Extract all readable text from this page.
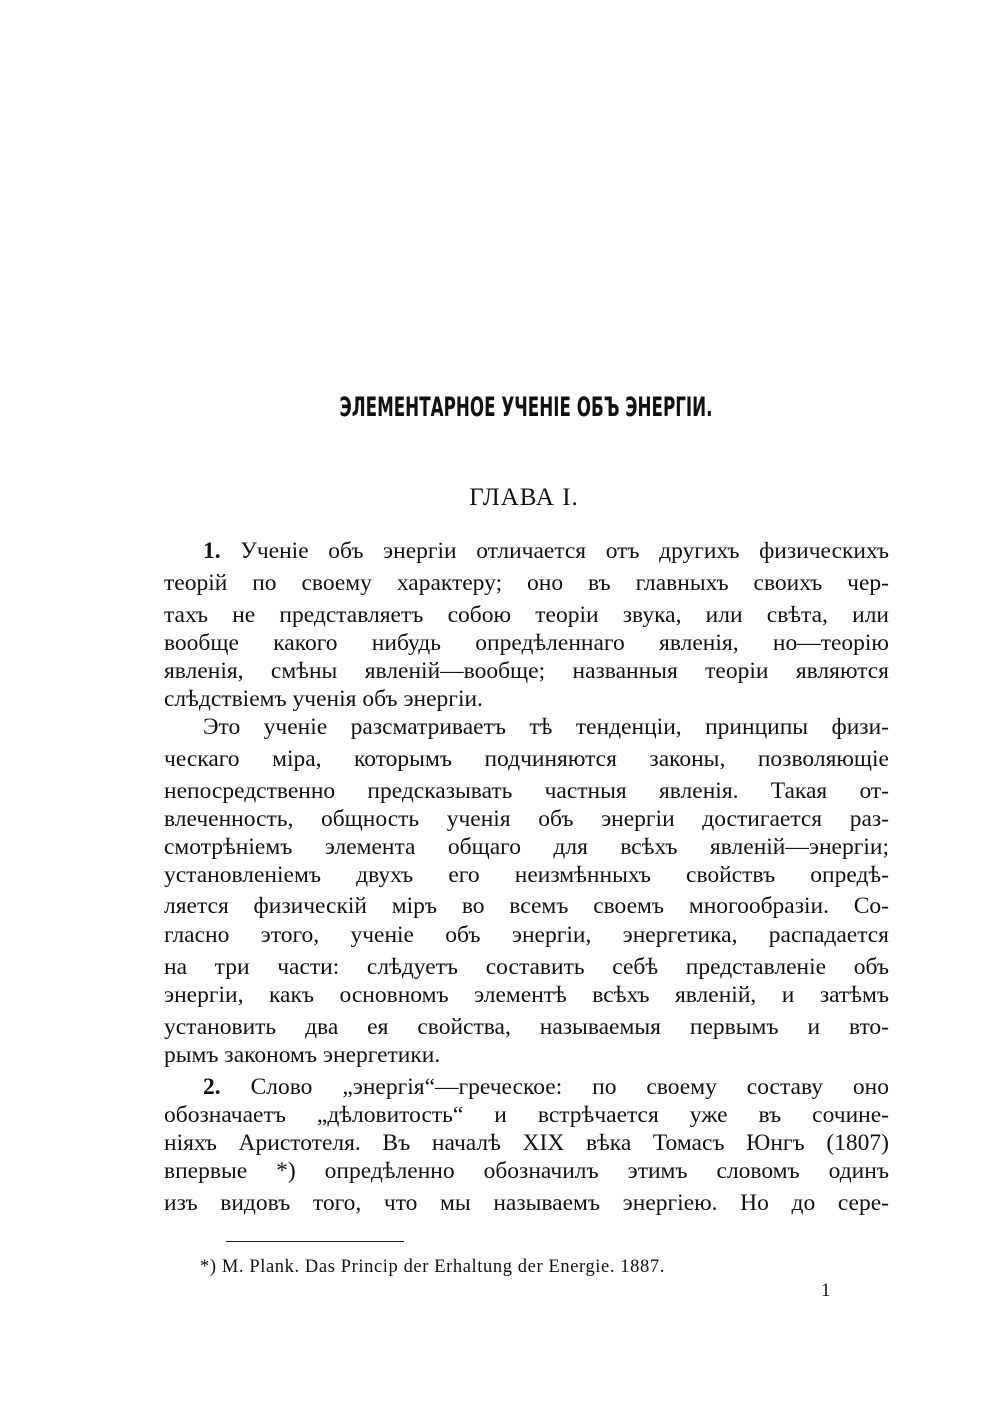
ЭЛЕМЕНТАРНОЕ УЧЕНІЕ ОБЪ ЭНЕРГІИ.
ГЛАВА I.
1. Ученіе объ энергіи отличается отъ другихъ физическихъ
теорій по своему характеру; оно въ главныхъ своихъ чер-
тахъ не представляетъ собою теоріи звука, или свѣта, или
вообще какого нибудь опредѣленнаго явленія, но—теорію
явленія, смѣны явленій—вообще; названныя теоріи являются
слѣдствіемъ ученія объ энергіи.
Это ученіе разсматриваетъ тѣ тенденціи, принципы физи-
ческаго міра, которымъ подчиняются законы, позволяющіе
непосредственно предсказывать частныя явленія. Такая от-
влеченность, общность ученія объ энергіи достигается раз-
смотрѣніемъ элемента общаго для всѣхъ явленій—энергіи;
установленіемъ двухъ его неизмѣнныхъ свойствъ опредѣ-
ляется физическій міръ во всемъ своемъ многообразіи. Со-
гласно этого, ученіе объ энергіи, энергетика, распадается
на три части: слѣдуетъ составить себѣ представленіе объ
энергіи, какъ основномъ элементѣ всѣхъ явленій, и затѣмъ
установить два ея свойства, называемыя первымъ и вто-
рымъ закономъ энергетики.
2. Слово „энергія“—греческое: по своему составу оно
обозначаетъ „дѣловитость“ и встрѣчается уже въ сочине-
ніяхъ Аристотеля. Въ началѣ XIX вѣка Томасъ Юнгъ (1807)
впервые *) опредѣленно обозначилъ этимъ словомъ одинъ
изъ видовъ того, что мы называемъ энергіею. Но до сере-
*) M. Plank. Das Princip der Erhaltung der Energie. 1887.
1
